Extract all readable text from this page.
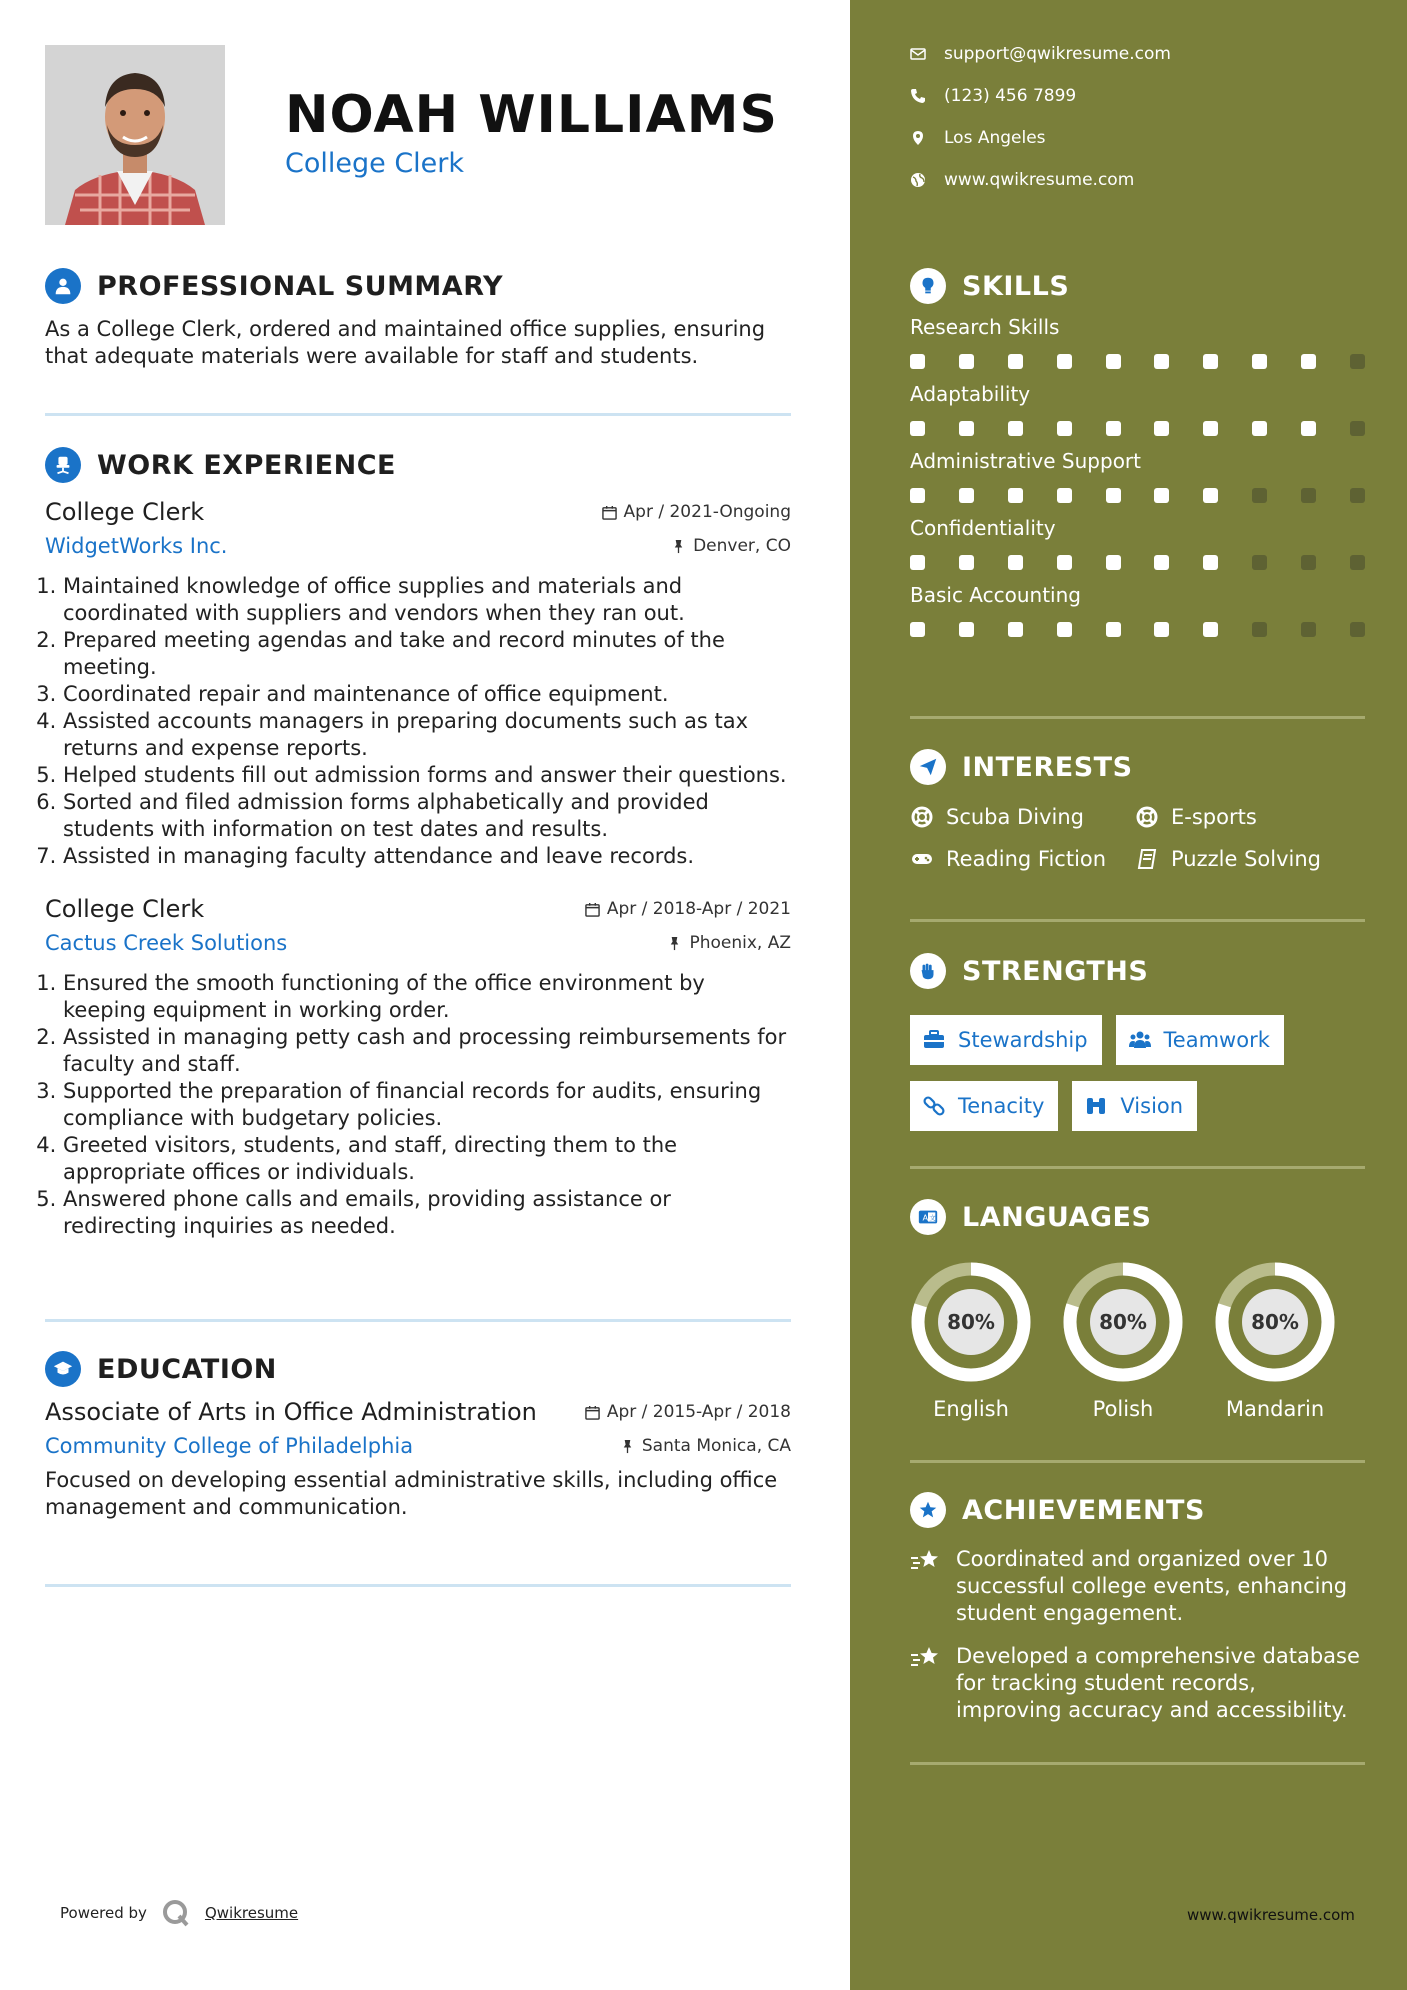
NOAH WILLIAMS
College Clerk
PROFESSIONAL SUMMARY
As a College Clerk, ordered and maintained office supplies, ensuring that adequate materials were available for staff and students.
WORK EXPERIENCE
College Clerk	Apr / 2021-Ongoing
WidgetWorks Inc.	Denver, CO
1. Maintained knowledge of office supplies and materials and coordinated with suppliers and vendors when they ran out.
2. Prepared meeting agendas and take and record minutes of the meeting.
3. Coordinated repair and maintenance of office equipment.
4. Assisted accounts managers in preparing documents such as tax returns and expense reports.
5. Helped students fill out admission forms and answer their questions.
6. Sorted and filed admission forms alphabetically and provided students with information on test dates and results.
7. Assisted in managing faculty attendance and leave records.
College Clerk	Apr / 2018-Apr / 2021
Cactus Creek Solutions	Phoenix, AZ
1. Ensured the smooth functioning of the office environment by keeping equipment in working order.
2. Assisted in managing petty cash and processing reimbursements for faculty and staff.
3. Supported the preparation of financial records for audits, ensuring compliance with budgetary policies.
4. Greeted visitors, students, and staff, directing them to the appropriate offices or individuals.
5. Answered phone calls and emails, providing assistance or redirecting inquiries as needed.
EDUCATION
Associate of Arts in Office Administration	Apr / 2015-Apr / 2018
Community College of Philadelphia	Santa Monica, CA
Focused on developing essential administrative skills, including office management and communication.
Powered by	Qwikresume
support@qwikresume.com
(123) 456 7899
Los Angeles
www.qwikresume.com
SKILLS
Research Skills
Adaptability
Administrative Support
Confidentiality
Basic Accounting
INTERESTS
Scuba Diving	E-sports
Reading Fiction	Puzzle Solving
STRENGTHS
Stewardship	Teamwork
Tenacity	Vision
A 文 LANGUAGES
80%
English
80%
Polish
80%
Mandarin
ACHIEVEMENTS
Coordinated and organized over 10 successful college events, enhancing student engagement.
Developed a comprehensive database for tracking student records, improving accuracy and accessibility.
www.qwikresume.com
